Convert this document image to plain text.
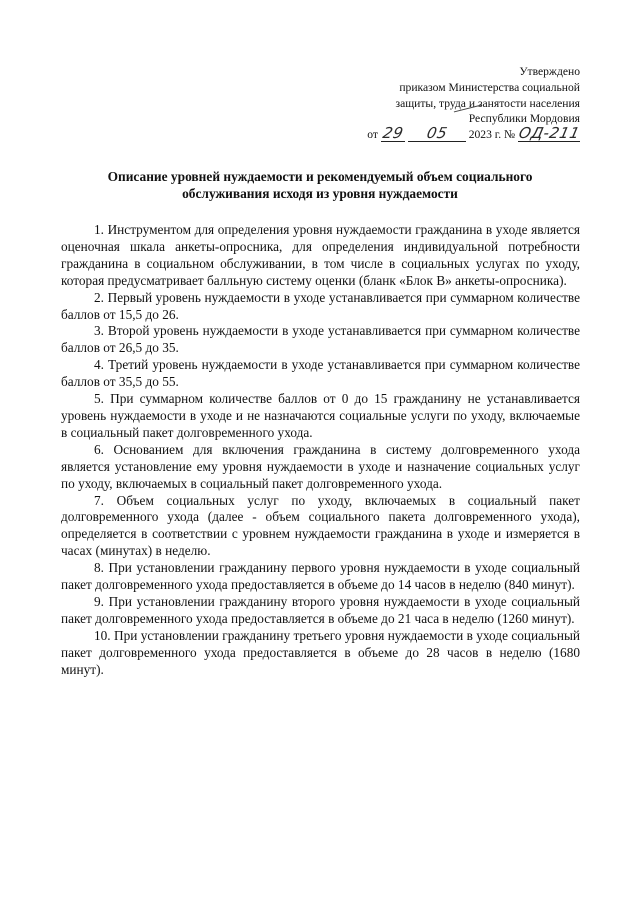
Утверждено
приказом Министерства социальной
защиты, труда и занятости населения
Республики Мордовия
от 29 05 2023 г. № ОД-211
Описание уровней нуждаемости и рекомендуемый объем социального
обслуживания исходя из уровня нуждаемости

1. Инструментом для определения уровня нуждаемости гражданина в уходе является оценочная шкала анкеты-опросника, для определения индивидуальной потребности гражданина в социальном обслуживании, в том числе в социальных услугах по уходу, которая предусматривает балльную систему оценки (бланк «Блок В» анкеты-опросника).

2. Первый уровень нуждаемости в уходе устанавливается при суммарном количестве баллов от 15,5 до 26.

3. Второй уровень нуждаемости в уходе устанавливается при суммарном количестве баллов от 26,5 до 35.

4. Третий уровень нуждаемости в уходе устанавливается при суммарном количестве баллов от 35,5 до 55.

5. При суммарном количестве баллов от 0 до 15 гражданину не устанавливается уровень нуждаемости в уходе и не назначаются социальные услуги по уходу, включаемые в социальный пакет долговременного ухода.

6. Основанием для включения гражданина в систему долговременного ухода является установление ему уровня нуждаемости в уходе и назначение социальных услуг по уходу, включаемых в социальный пакет долговременного ухода.

7. Объем социальных услуг по уходу, включаемых в социальный пакет долговременного ухода (далее - объем социального пакета долговременного ухода), определяется в соответствии с уровнем нуждаемости гражданина в уходе и измеряется в часах (минутах) в неделю.

8. При установлении гражданину первого уровня нуждаемости в уходе социальный пакет долговременного ухода предоставляется в объеме до 14 часов в неделю (840 минут).

9. При установлении гражданину второго уровня нуждаемости в уходе социальный пакет долговременного ухода предоставляется в объеме до 21 часа в неделю (1260 минут).

10. При установлении гражданину третьего уровня нуждаемости в уходе социальный пакет долговременного ухода предоставляется в объеме до 28 часов в неделю (1680 минут).
